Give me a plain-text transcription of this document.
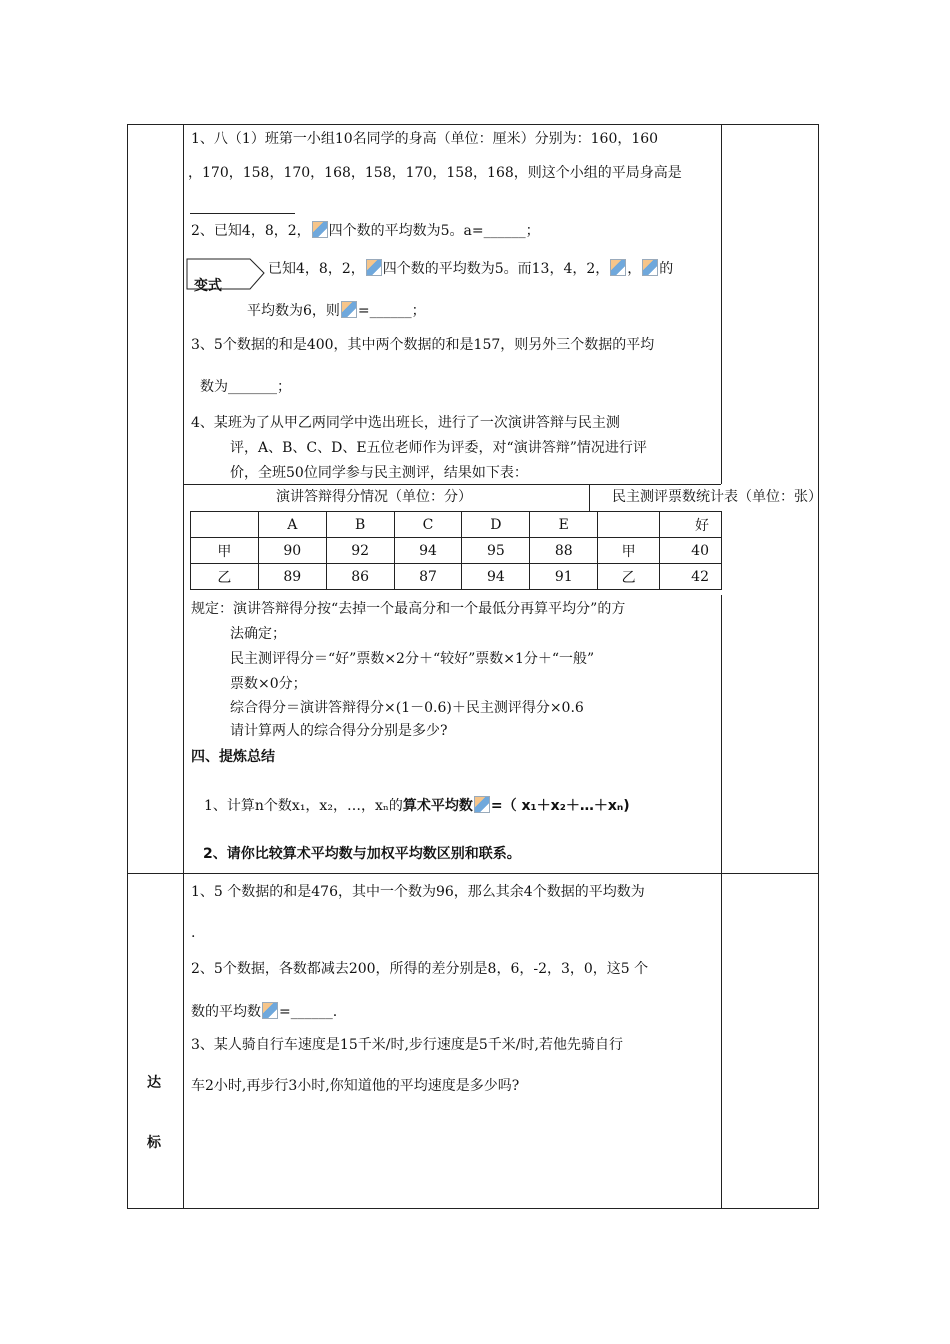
1、八（1）班第一小组10名同学的身高（单位：厘米）分别为：160，160
，170，158，170，168，158，170，158，168，则这个小组的平局身高是
2、已知4，8，2， 四个数的平均数为5。a=______；
变式
已知4，8，2， 四个数的平均数为5。而13，4，2， ， 的
平均数为6，则 =______；
3、5个数据的和是400，其中两个数据的和是157，则另外三个数据的平均
数为_______；
4、某班为了从甲乙两同学中选出班长，进行了一次演讲答辩与民主测
评，A、B、C、D、E五位老师作为评委，对“演讲答辩”情况进行评
价，全班50位同学参与民主测评，结果如下表：
演讲答辩得分情况（单位：分）	民主测评票数统计表（单位：张）
	A	B	C	D	E		好
甲	90	92	94	95	88	甲	40
乙	89	86	87	94	91	乙	42
规定：演讲答辩得分按“去掉一个最高分和一个最低分再算平均分”的方
法确定；
民主测评得分＝“好”票数×2分＋“较好”票数×1分＋“一般”
票数×0分；
综合得分＝演讲答辩得分×(1－0.6)＋民主测评得分×0.6
请计算两人的综合得分分别是多少?
四、提炼总结
1、计算n个数x₁，x₂，…，xₙ的算术平均数 =（ x₁＋x₂＋…＋xₙ)
2、请你比较算术平均数与加权平均数区别和联系。
达
标
1、5 个数据的和是476，其中一个数为96，那么其余4个数据的平均数为
.
2、5个数据，各数都减去200，所得的差分别是8，6，-2，3，0，这5 个
数的平均数 =______.
3、某人骑自行车速度是15千米/时,步行速度是5千米/时,若他先骑自行
车2小时,再步行3小时,你知道他的平均速度是多少吗?
